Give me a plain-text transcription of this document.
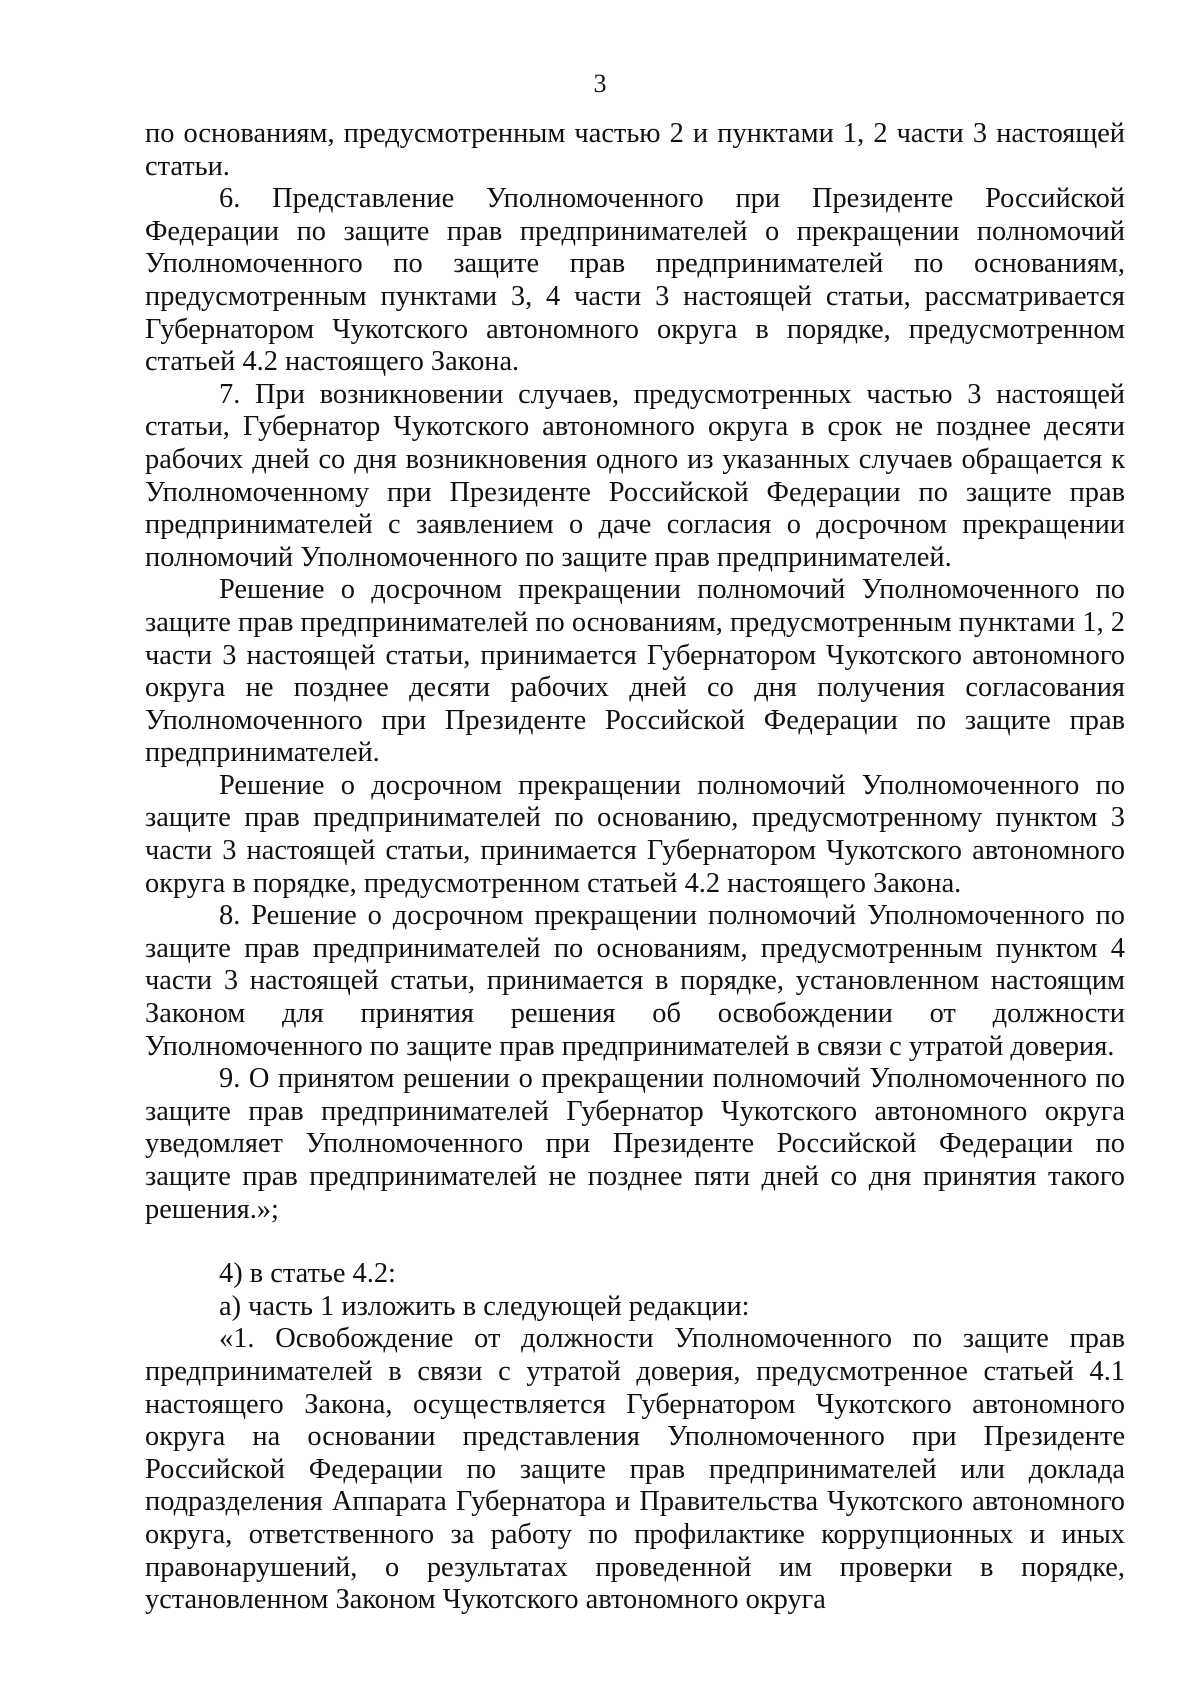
3

по основаниям, предусмотренным частью 2 и пунктами 1, 2 части 3 настоящей статьи.

6. Представление Уполномоченного при Президенте Российской Федерации по защите прав предпринимателей о прекращении полномочий Уполномоченного по защите прав предпринимателей по основаниям, предусмотренным пунктами 3, 4 части 3 настоящей статьи, рассматривается Губернатором Чукотского автономного округа в порядке, предусмотренном статьей 4.2 настоящего Закона.

7. При возникновении случаев, предусмотренных частью 3 настоящей статьи, Губернатор Чукотского автономного округа в срок не позднее десяти рабочих дней со дня возникновения одного из указанных случаев обращается к Уполномоченному при Президенте Российской Федерации по защите прав предпринимателей с заявлением о даче согласия о досрочном прекращении полномочий Уполномоченного по защите прав предпринимателей.

Решение о досрочном прекращении полномочий Уполномоченного по защите прав предпринимателей по основаниям, предусмотренным пунктами 1, 2 части 3 настоящей статьи, принимается Губернатором Чукотского автономного округа не позднее десяти рабочих дней со дня получения согласования Уполномоченного при Президенте Российской Федерации по защите прав предпринимателей.

Решение о досрочном прекращении полномочий Уполномоченного по защите прав предпринимателей по основанию, предусмотренному пунктом 3 части 3 настоящей статьи, принимается Губернатором Чукотского автономного округа в порядке, предусмотренном статьей 4.2 настоящего Закона.

8. Решение о досрочном прекращении полномочий Уполномоченного по защите прав предпринимателей по основаниям, предусмотренным пунктом 4 части 3 настоящей статьи, принимается в порядке, установленном настоящим Законом для принятия решения об освобождении от должности Уполномоченного по защите прав предпринимателей в связи с утратой доверия.

9. О принятом решении о прекращении полномочий Уполномоченного по защите прав предпринимателей Губернатор Чукотского автономного округа уведомляет Уполномоченного при Президенте Российской Федерации по защите прав предпринимателей не позднее пяти дней со дня принятия такого решения.»;

4) в статье 4.2:

а) часть 1 изложить в следующей редакции:

«1. Освобождение от должности Уполномоченного по защите прав предпринимателей в связи с утратой доверия, предусмотренное статьей 4.1 настоящего Закона, осуществляется Губернатором Чукотского автономного округа на основании представления Уполномоченного при Президенте Российской Федерации по защите прав предпринимателей или доклада подразделения Аппарата Губернатора и Правительства Чукотского автономного округа, ответственного за работу по профилактике коррупционных и иных правонарушений, о результатах проведенной им проверки в порядке, установленном Законом Чукотского автономного округа
